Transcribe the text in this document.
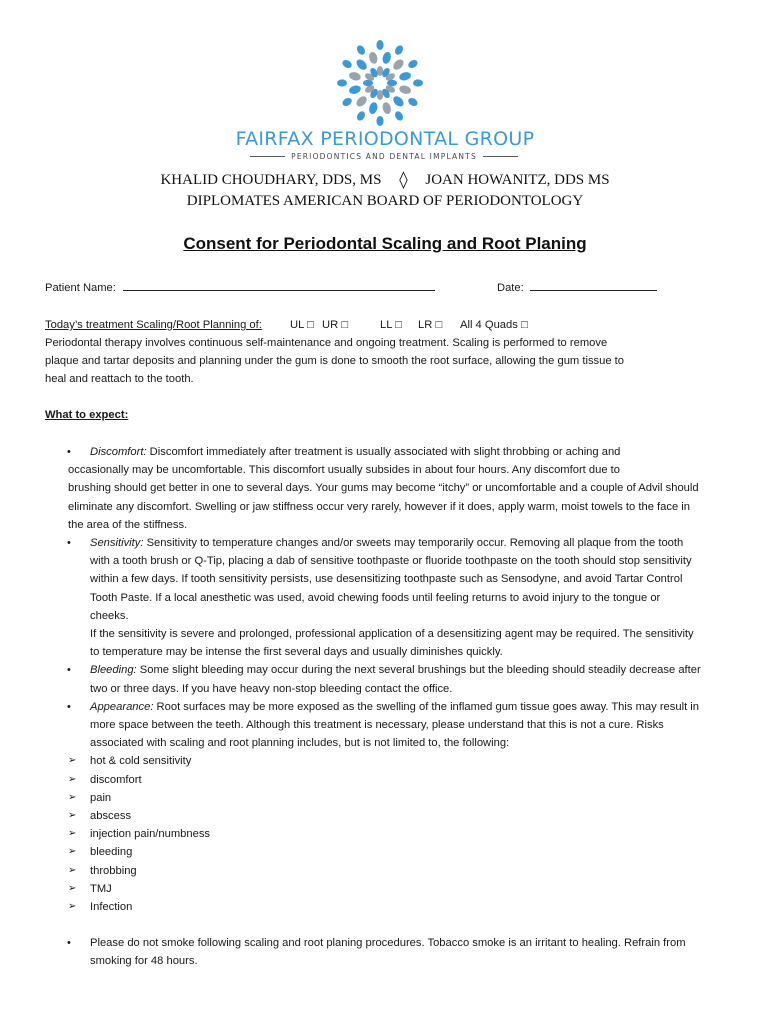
FAIRFAX PERIODONTAL GROUP
PERIODONTICS AND DENTAL IMPLANTS
KHALID CHOUDHARY, DDS, MS ◊ JOAN HOWANITZ, DDS MS
DIPLOMATES AMERICAN BOARD OF PERIODONTOLOGY
Consent for Periodontal Scaling and Root Planing
Patient Name:	Date:
Today’s treatment Scaling/Root Planning of:	UL □ UR □	LL □ LR □ All 4 Quads □
Periodontal therapy involves continuous self-maintenance and ongoing treatment. Scaling is performed to remove
plaque and tartar deposits and planning under the gum is done to smooth the root surface, allowing the gum tissue to
heal and reattach to the tooth.
What to expect:
• Discomfort: Discomfort immediately after treatment is usually associated with slight throbbing or aching and
occasionally may be uncomfortable. This discomfort usually subsides in about four hours. Any discomfort due to
brushing should get better in one to several days. Your gums may become “itchy” or uncomfortable and a couple of Advil should
eliminate any discomfort. Swelling or jaw stiffness occur very rarely, however if it does, apply warm, moist towels to the face in
the area of the stiffness.
• Sensitivity: Sensitivity to temperature changes and/or sweets may temporarily occur. Removing all plaque from the tooth
with a tooth brush or Q-Tip, placing a dab of sensitive toothpaste or fluoride toothpaste on the tooth should stop sensitivity
within a few days. If tooth sensitivity persists, use desensitizing toothpaste such as Sensodyne, and avoid Tartar Control
Tooth Paste. If a local anesthetic was used, avoid chewing foods until feeling returns to avoid injury to the tongue or
cheeks.
If the sensitivity is severe and prolonged, professional application of a desensitizing agent may be required. The sensitivity
to temperature may be intense the first several days and usually diminishes quickly.
• Bleeding: Some slight bleeding may occur during the next several brushings but the bleeding should steadily decrease after
two or three days. If you have heavy non-stop bleeding contact the office.
• Appearance: Root surfaces may be more exposed as the swelling of the inflamed gum tissue goes away. This may result in
more space between the teeth. Although this treatment is necessary, please understand that this is not a cure. Risks
associated with scaling and root planning includes, but is not limited to, the following:
➢ hot & cold sensitivity
➢ discomfort
➢ pain
➢ abscess
➢ injection pain/numbness
➢ bleeding
➢ throbbing
➢ TMJ
➢ Infection
• Please do not smoke following scaling and root planing procedures. Tobacco smoke is an irritant to healing. Refrain from
smoking for 48 hours.
